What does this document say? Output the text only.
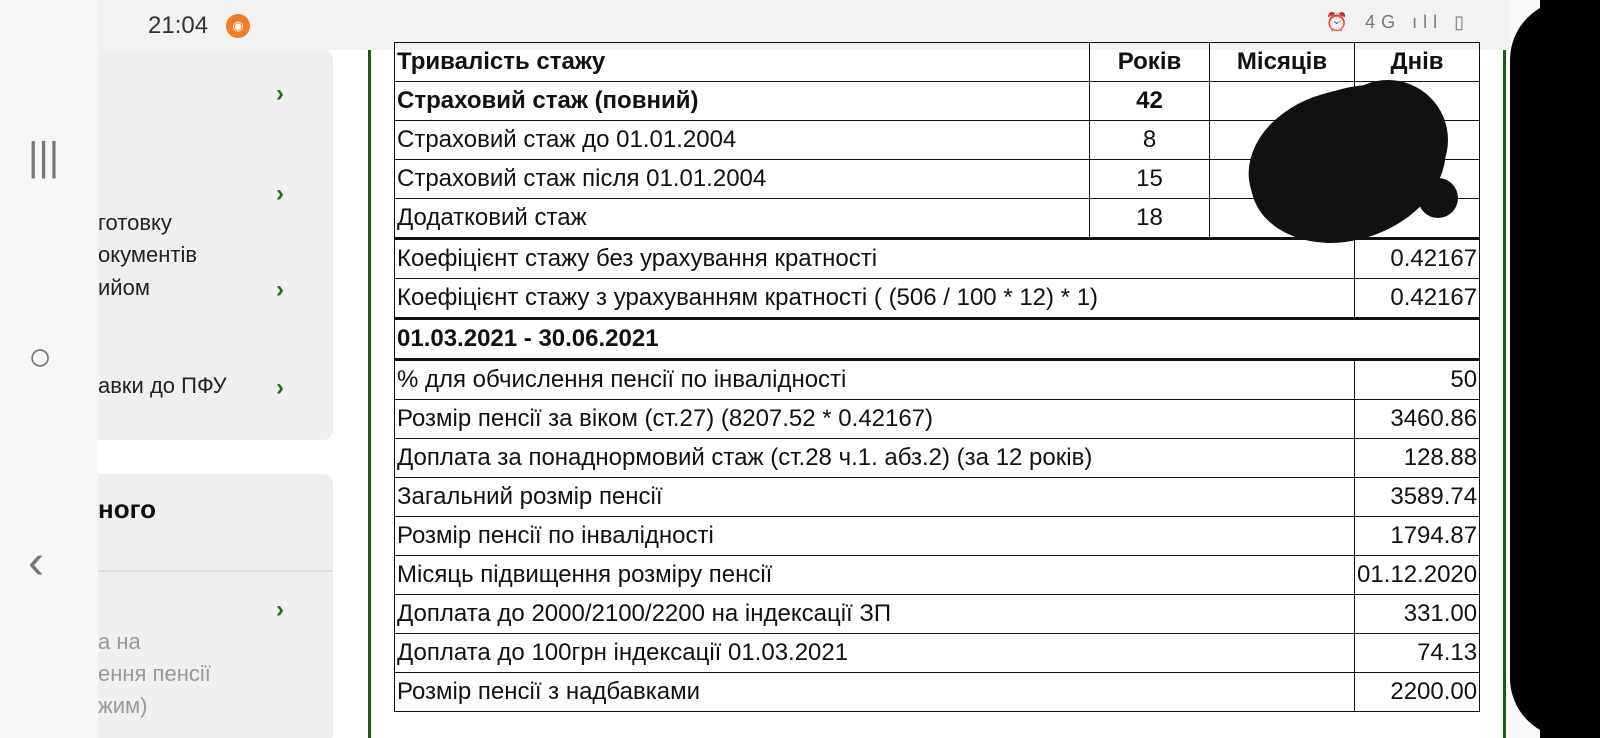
|||
○
‹
21:04	◉	⏰ 4G ıll ▯
›

готовку
окументів

›

ийом	›
авки до ПФУ ›
ного

а на
ення пенсії
жим)

›

Тривалість стажу	Років	Місяців	Днів
Страховий стаж (повний)	42		
Страховий стаж до 01.01.2004	8		
Страховий стаж після 01.01.2004	15		
Додатковий стаж	18		
Коефіцієнт стажу без урахування кратності			0.42167
Коефіцієнт стажу з урахуванням кратності ( (506 / 100 * 12) * 1)			0.42167
01.03.2021 - 30.06.2021			
% для обчислення пенсії по інвалідності			50
Розмір пенсії за віком (ст.27) (8207.52 * 0.42167)			3460.86
Доплата за понаднормовий стаж (ст.28 ч.1. абз.2) (за 12 років)			128.88
Загальний розмір пенсії			3589.74
Розмір пенсії по інвалідності			1794.87
Місяць підвищення розміру пенсії			01.12.2020
Доплата до 2000/2100/2200 на індексації ЗП			331.00
Доплата до 100грн індексації 01.03.2021			74.13
Розмір пенсії з надбавками			2200.00
